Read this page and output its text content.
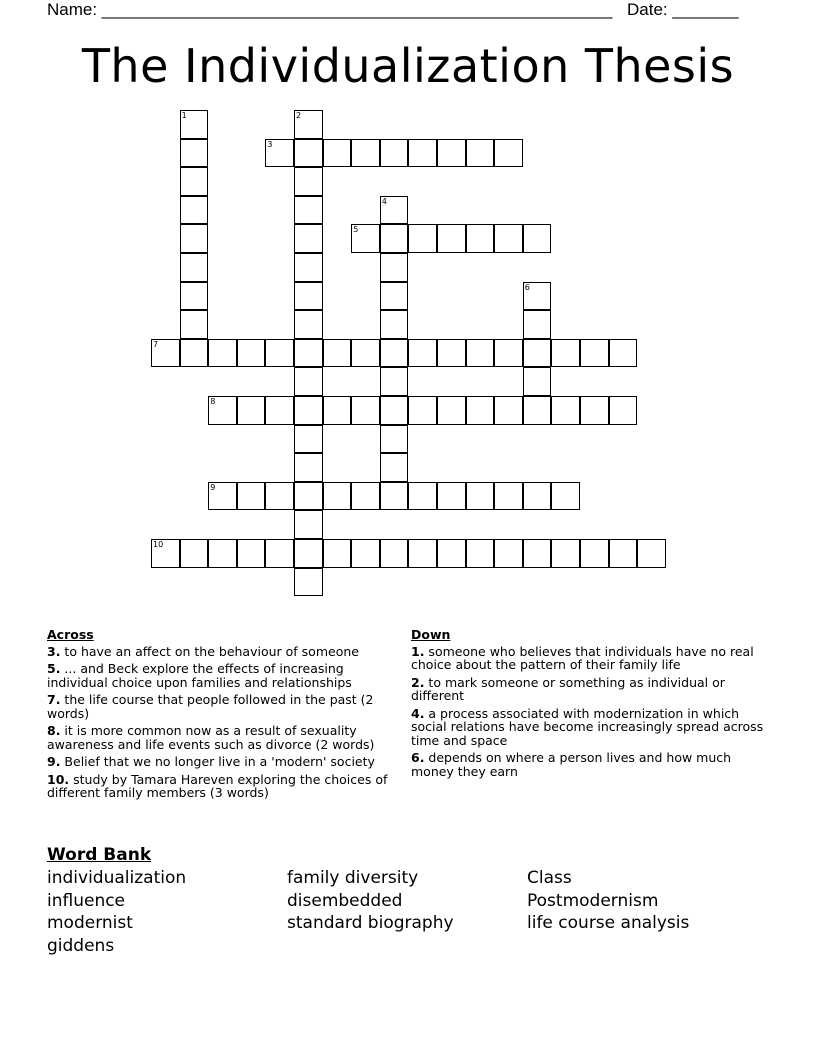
Name: ______________________________________________________ Date: _______
The Individualization Thesis
1	2
3
4
5
6
7
8
9
10
Across
3. to have an affect on the behaviour of someone
5. ... and Beck explore the effects of increasing individual choice upon families and relationships
7. the life course that people followed in the past (2 words)
8. it is more common now as a result of sexuality awareness and life events such as divorce (2 words)
9. Belief that we no longer live in a 'modern' society
10. study by Tamara Hareven exploring the choices of different family members (3 words)
Down
1. someone who believes that individuals have no real choice about the pattern of their family life
2. to mark someone or something as individual or different
4. a process associated with modernization in which social relations have become increasingly spread across time and space
6. depends on where a person lives and how much money they earn
Word Bank
individualization
influence
modernist
giddens
family diversity
disembedded
standard biography
Class
Postmodernism
life course analysis
